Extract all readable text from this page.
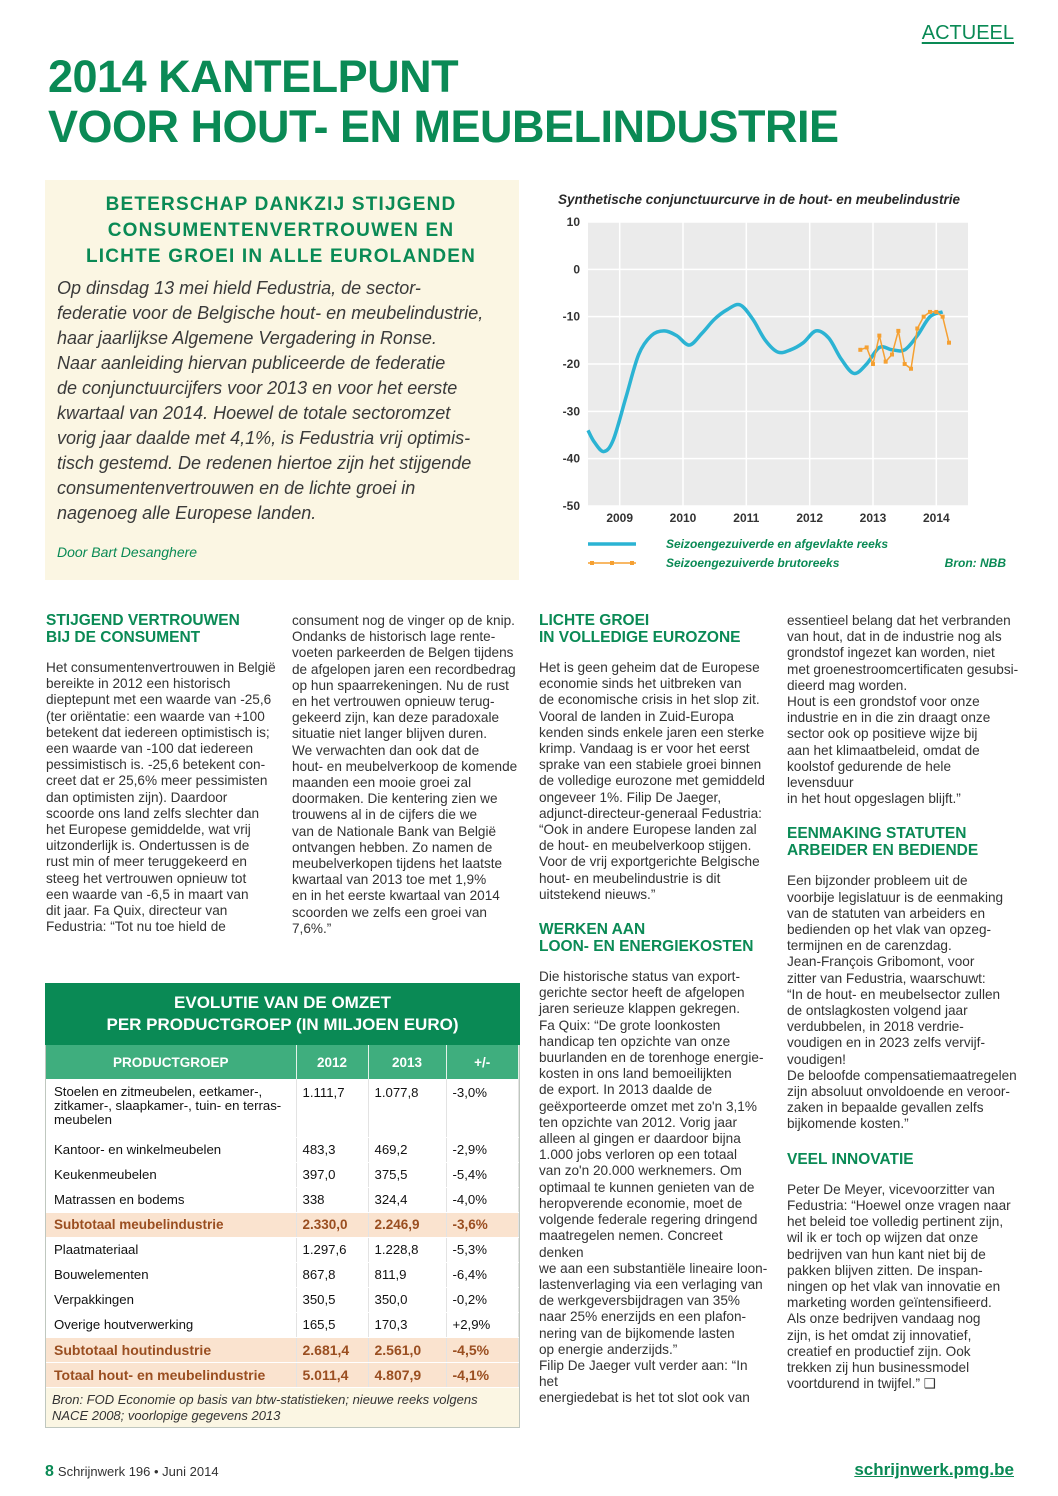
ACTUEEL
2014 KANTELPUNT
VOOR HOUT- EN MEUBELINDUSTRIE
BETERSCHAP DANKZIJ STIJGEND
CONSUMENTENVERTROUWEN EN
LICHTE GROEI IN ALLE EUROLANDEN
Op dinsdag 13 mei hield Fedustria, de sector-
federatie voor de Belgische hout- en meubelindustrie,
haar jaarlijkse Algemene Vergadering in Ronse.
Naar aanleiding hiervan publiceerde de federatie
de conjunctuurcijfers voor 2013 en voor het eerste
kwartaal van 2014. Hoewel de totale sectoromzet
vorig jaar daalde met 4,1%, is Fedustria vrij optimis-
tisch gestemd. De redenen hiertoe zijn het stijgende
consumentenvertrouwen en de lichte groei in
nagenoeg alle Europese landen.
Door Bart Desanghere
Synthetische conjunctuurcurve in de hout- en meubelindustrie
10
0
-10
-20
-30
-40
-50
2009	2010	2011	2012	2013	2014
Seizoengezuiverde en afgevlakte reeks
Seizoengezuiverde brutoreeks	Bron: NBB
STIJGEND VERTROUWEN
BIJ DE CONSUMENT
Het consumentenvertrouwen in België
bereikte in 2012 een historisch
dieptepunt met een waarde van -25,6
(ter oriëntatie: een waarde van +100
betekent dat iedereen optimistisch is;
een waarde van -100 dat iedereen
pessimistisch is. -25,6 betekent con-
creet dat er 25,6% meer pessimisten
dan optimisten zijn). Daardoor
scoorde ons land zelfs slechter dan
het Europese gemiddelde, wat vrij
uitzonderlijk is. Ondertussen is de
rust min of meer teruggekeerd en
steeg het vertrouwen opnieuw tot
een waarde van -6,5 in maart van
dit jaar. Fa Quix, directeur van
Fedustria: “Tot nu toe hield de
consument nog de vinger op de knip.
Ondanks de historisch lage rente-
voeten parkeerden de Belgen tijdens
de afgelopen jaren een recordbedrag
op hun spaarrekeningen. Nu de rust
en het vertrouwen opnieuw terug-
gekeerd zijn, kan deze paradoxale
situatie niet langer blijven duren.
We verwachten dan ook dat de
hout- en meubelverkoop de komende
maanden een mooie groei zal
doormaken. Die kentering zien we
trouwens al in de cijfers die we
van de Nationale Bank van België
ontvangen hebben. Zo namen de
meubelverkopen tijdens het laatste
kwartaal van 2013 toe met 1,9%
en in het eerste kwartaal van 2014
scoorden we zelfs een groei van
7,6%.”
LICHTE GROEI
IN VOLLEDIGE EUROZONE
Het is geen geheim dat de Europese
economie sinds het uitbreken van
de economische crisis in het slop zit.
Vooral de landen in Zuid-Europa
kenden sinds enkele jaren een sterke
krimp. Vandaag is er voor het eerst
sprake van een stabiele groei binnen
de volledige eurozone met gemiddeld
ongeveer 1%. Filip De Jaeger,
adjunct-directeur-generaal Fedustria:
“Ook in andere Europese landen zal
de hout- en meubelverkoop stijgen.
Voor de vrij exportgerichte Belgische
hout- en meubelindustrie is dit
uitstekend nieuws.”
WERKEN AAN
LOON- EN ENERGIEKOSTEN
Die historische status van export-
gerichte sector heeft de afgelopen
jaren serieuze klappen gekregen.
Fa Quix: “De grote loonkosten
handicap ten opzichte van onze
buurlanden en de torenhoge energie-
kosten in ons land bemoeilijkten
de export. In 2013 daalde de
geëxporteerde omzet met zo'n 3,1%
ten opzichte van 2012. Vorig jaar
alleen al gingen er daardoor bijna
1.000 jobs verloren op een totaal
van zo'n 20.000 werknemers. Om
optimaal te kunnen genieten van de
heropverende economie, moet de
volgende federale regering dringend
maatregelen nemen. Concreet denken
we aan een substantiële lineaire loon-
lastenverlaging via een verlaging van
de werkgeversbijdragen van 35%
naar 25% enerzijds en een plafon-
nering van de bijkomende lasten
op energie anderzijds.”
Filip De Jaeger vult verder aan: “In het
energiedebat is het tot slot ook van
essentieel belang dat het verbranden
van hout, dat in de industrie nog als
grondstof ingezet kan worden, niet
met groenestroomcertificaten gesubsi-
dieerd mag worden.
Hout is een grondstof voor onze
industrie en in die zin draagt onze
sector ook op positieve wijze bij
aan het klimaatbeleid, omdat de
koolstof gedurende de hele levensduur
in het hout opgeslagen blijft.”
EENMAKING STATUTEN
ARBEIDER EN BEDIENDE
Een bijzonder probleem uit de
voorbije legislatuur is de eenmaking
van de statuten van arbeiders en
bedienden op het vlak van opzeg-
termijnen en de carenzdag.
Jean-François Gribomont, voor
zitter van Fedustria, waarschuwt:
“In de hout- en meubelsector zullen
de ontslagkosten volgend jaar
verdubbelen, in 2018 verdrie-
voudigen en in 2023 zelfs vervijf-
voudigen!
De beloofde compensatiemaatregelen
zijn absoluut onvoldoende en veroor-
zaken in bepaalde gevallen zelfs
bijkomende kosten.”
VEEL INNOVATIE
Peter De Meyer, vicevoorzitter van
Fedustria: “Hoewel onze vragen naar
het beleid toe volledig pertinent zijn,
wil ik er toch op wijzen dat onze
bedrijven van hun kant niet bij de
pakken blijven zitten. De inspan-
ningen op het vlak van innovatie en
marketing worden geïntensifieerd.
Als onze bedrijven vandaag nog
zijn, is het omdat zij innovatief,
creatief en productief zijn. Ook
trekken zij hun businessmodel
voortdurend in twijfel.” ❑
EVOLUTIE VAN DE OMZET
PER PRODUCTGROEP (IN MILJOEN EURO)
PRODUCTGROEP	2012	2013	+/-
Stoelen en zitmeubelen, eetkamer-, zitkamer-, slaapkamer-, tuin- en terras-meubelen	1.111,7	1.077,8	-3,0%
Kantoor- en winkelmeubelen	483,3	469,2	-2,9%
Keukenmeubelen	397,0	375,5	-5,4%
Matrassen en bodems	338	324,4	-4,0%
Subtotaal meubelindustrie	2.330,0	2.246,9	-3,6%
Plaatmateriaal	1.297,6	1.228,8	-5,3%
Bouwelementen	867,8	811,9	-6,4%
Verpakkingen	350,5	350,0	-0,2%
Overige houtverwerking	165,5	170,3	+2,9%
Subtotaal houtindustrie	2.681,4	2.561,0	-4,5%
Totaal hout- en meubelindustrie	5.011,4	4.807,9	-4,1%
Bron: FOD Economie op basis van btw-statistieken; nieuwe reeks volgens
NACE 2008; voorlopige gegevens 2013
8 Schrijnwerk 196 • Juni 2014	schrijnwerk.pmg.be
